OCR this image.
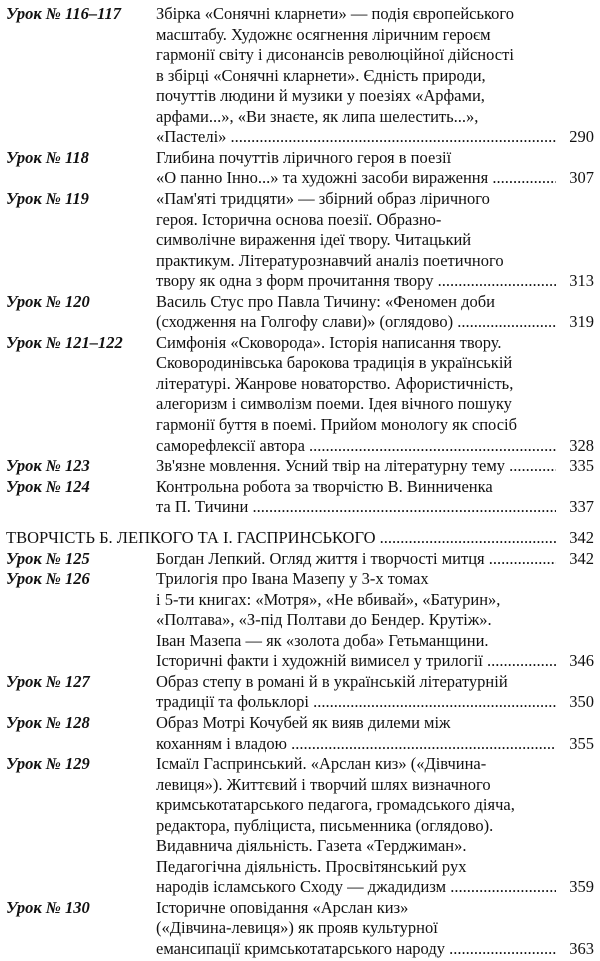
Урок № 116–117 Збірка «Сонячні кларнети» — подія європейського
масштабу. Художнє осягнення ліричним героєм
гармонії світу і дисонансів революційної дійсності
в збірці «Сонячні кларнети». Єдність природи,
почуттів людини й музики у поезіях «Арфами,
арфами...», «Ви знаєте, як липа шелестить...»,
«Пастелі» .....	290
Урок № 118	Глибина почуттів ліричного героя в поезії
«О панно Інно...» та художні засоби вираження .....	307
Урок № 119	«Пам'яті тридцяти» — збірний образ ліричного
героя. Історична основа поезії. Образно-
символічне вираження ідеї твору. Читацький
практикум. Літературознавчий аналіз поетичного
твору як одна з форм прочитання твору .....	313
Урок № 120	Василь Стус про Павла Тичину: «Феномен доби
(сходження на Голгофу слави)» (оглядово) .....	319
Урок № 121–122 Симфонія «Сковорода». Історія написання твору.
Сковородинівська барокова традиція в українській
літературі. Жанрове новаторство. Афористичність,
алегоризм і символізм поеми. Ідея вічного пошуку
гармонії буття в поемі. Прийом монологу як спосіб
саморефлексії автора .....	328
Урок № 123	Зв'язне мовлення. Усний твір на літературну тему .....	335
Урок № 124	Контрольна робота за творчістю В. Винниченка
та П. Тичини .....	337
ТВОРЧІСТЬ Б. ЛЕПКОГО ТА І. ГАСПРИНСЬКОГО .....	342
Урок № 125	Богдан Лепкий. Огляд життя і творчості митця .....	342
Урок № 126	Трилогія про Івана Мазепу у 3-х томах
і 5-ти книгах: «Мотря», «Не вбивай», «Батурин»,
«Полтава», «З-під Полтави до Бендер. Крутіж».
Іван Мазепа — як «золота доба» Гетьманщини.
Історичні факти і художній вимисел у трилогії .....	346
Урок № 127	Образ степу в романі й в українській літературній
традиції та фольклорі .....	350
Урок № 128	Образ Мотрі Кочубей як вияв дилеми між
коханням і владою .....	355
Урок № 129	Ісмаїл Гаспринський. «Арслан киз» («Дівчина-
левиця»). Життєвий і творчий шлях визначного
кримськотатарського педагога, громадського діяча,
редактора, публіциста, письменника (оглядово).
Видавнича діяльність. Газета «Терджиман».
Педагогічна діяльність. Просвітянський рух
народів ісламського Сходу — джадидизм .....	359
Урок № 130	Історичне оповідання «Арслан киз»
(«Дівчина-левиця») як прояв культурної
емансипації кримськотатарського народу .....	363
